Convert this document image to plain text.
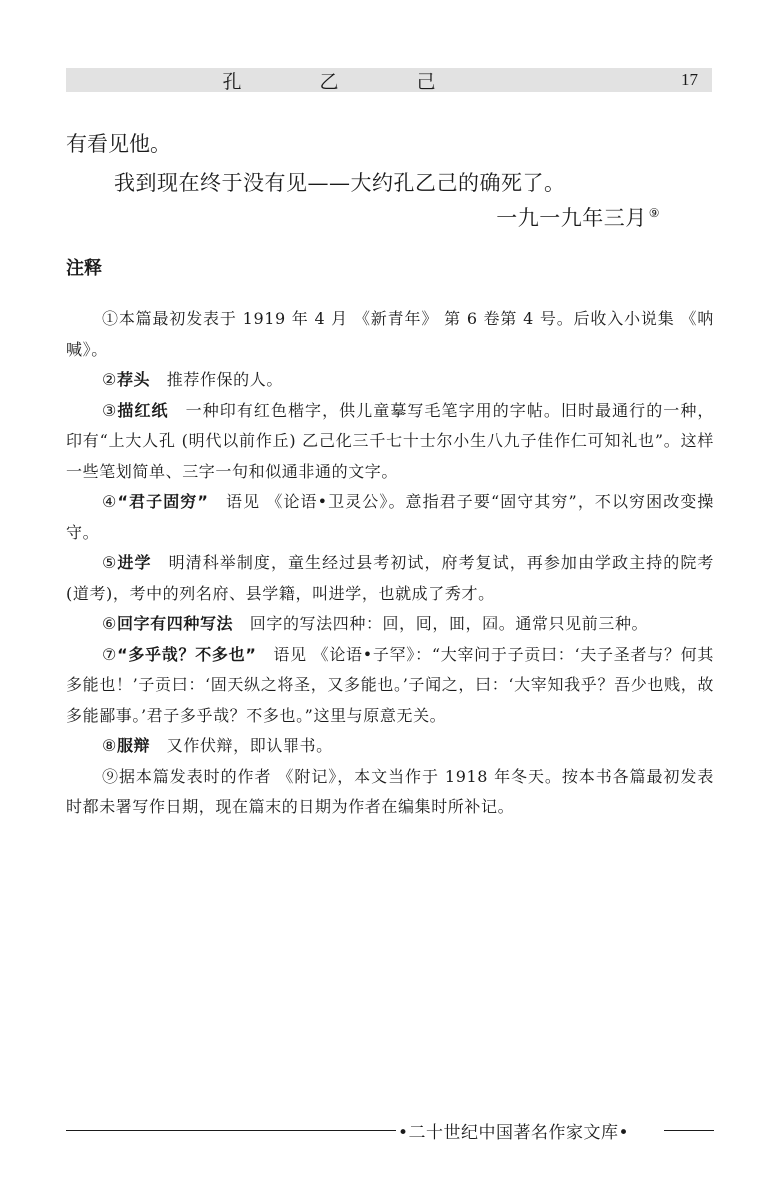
孔	乙	己	17
有看见他。
我到现在终于没有见——大约孔乙己的确死了。
一九一九年三月 ⑨
注释

①本篇最初发表于 1919 年 4 月 《新青年》 第 6 卷第 4 号。后收入小说集 《呐喊》。

②荐头　推荐作保的人。

③描红纸　一种印有红色楷字，供儿童摹写毛笔字用的字帖。旧时最通行的一种，印有“上大人孔 (明代以前作丘) 乙己化三千七十士尔小生八九子佳作仁可知礼也”。这样一些笔划简单、三字一句和似通非通的文字。

④“君子固穷”　语见 《论语•卫灵公》。意指君子要“固守其穷”，不以穷困改变操守。

⑤进学　明清科举制度，童生经过县考初试，府考复试，再参加由学政主持的院考 (道考)，考中的列名府、县学籍，叫进学，也就成了秀才。

⑥回字有四种写法　回字的写法四种：回，囘，囬，𡇈。通常只见前三种。

⑦“多乎哉？不多也”　语见 《论语•子罕》：“大宰问于子贡曰：‘夫子圣者与？何其多能也！’子贡曰：‘固天纵之将圣，又多能也。’子闻之，曰：‘大宰知我乎？吾少也贱，故多能鄙事。’君子多乎哉？不多也。”这里与原意无关。

⑧服辩　又作伏辩，即认罪书。

⑨据本篇发表时的作者 《附记》，本文当作于 1918 年冬天。按本书各篇最初发表时都未署写作日期，现在篇末的日期为作者在编集时所补记。

•二十世纪中国著名作家文库•
